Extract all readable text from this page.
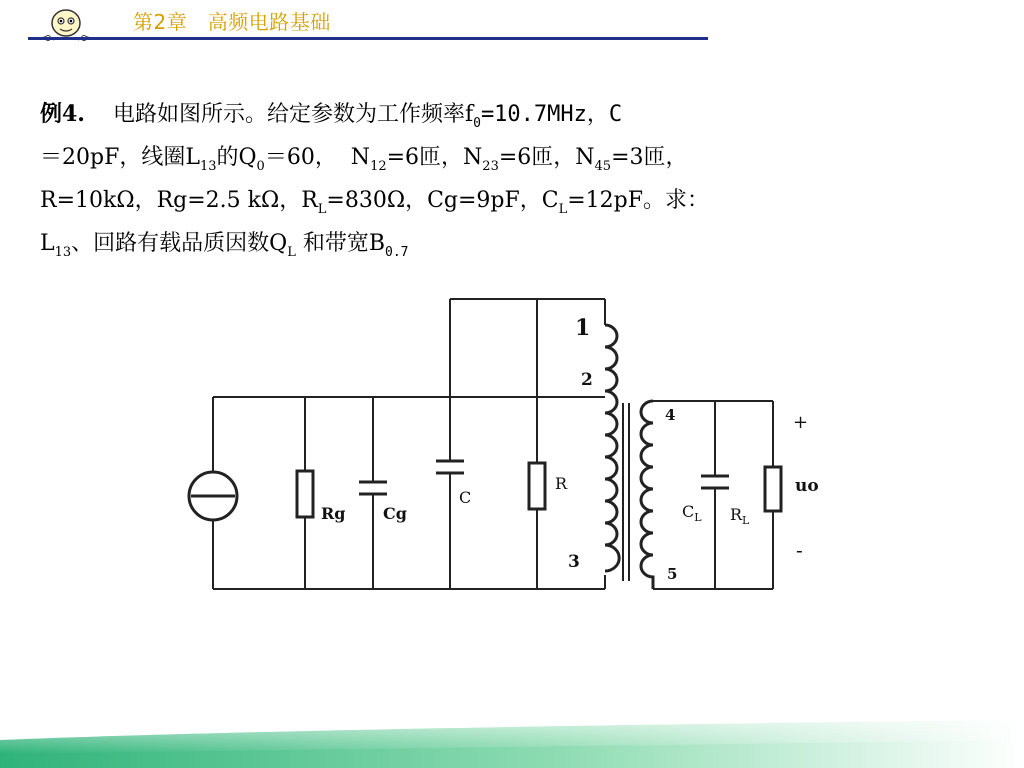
第2章　高频电路基础
例4. 电路如图所示。给定参数为工作频率$f_0=10.7MHz$，C
＝20pF，线圈$L_{13}$的$Q_0=60$，  $N_{12}=6$匝，$N_{23}=6$匝，$N_{45}=3$匝，
R=10kΩ，Rg=2.5 kΩ，$R_L=830\Omega$，Cg=9pF，$C_L=12pF$。求：
$L_{13}$、回路有载品质因数$Q_L$ 和带宽$B_{0.7}$
Rg Cg
C
R
$C_L$ $R_L$
uo
+
-
1
2
3
4
5
